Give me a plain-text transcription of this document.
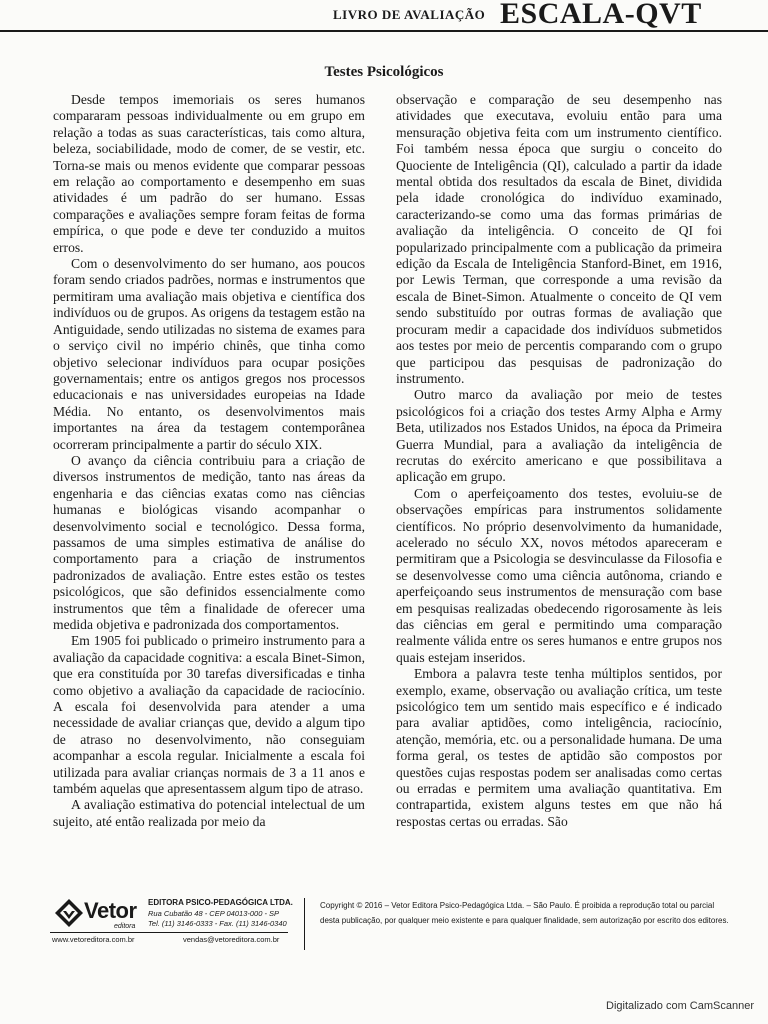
LIVRO DE AVALIAÇÃO ESCALA-QVT
Testes Psicológicos

Desde tempos imemoriais os seres humanos compararam pessoas individualmente ou em grupo em relação a todas as suas características, tais como altura, beleza, sociabilidade, modo de comer, de se vestir, etc. Torna-se mais ou menos evidente que comparar pessoas em relação ao comportamento e desempenho em suas atividades é um padrão do ser humano. Essas comparações e avaliações sempre foram feitas de forma empírica, o que pode e deve ter conduzido a muitos erros.

Com o desenvolvimento do ser humano, aos poucos foram sendo criados padrões, normas e instrumentos que permitiram uma avaliação mais objetiva e científica dos indivíduos ou de grupos. As origens da testagem estão na Antiguidade, sendo utilizadas no sistema de exames para o serviço civil no império chinês, que tinha como objetivo selecionar indivíduos para ocupar posições governamentais; entre os antigos gregos nos processos educacionais e nas universidades europeias na Idade Média. No entanto, os desenvolvimentos mais importantes na área da testagem contemporânea ocorreram principalmente a partir do século XIX.

O avanço da ciência contribuiu para a criação de diversos instrumentos de medição, tanto nas áreas da engenharia e das ciências exatas como nas ciências humanas e biológicas visando acompanhar o desenvolvimento social e tecnológico. Dessa forma, passamos de uma simples estimativa de análise do comportamento para a criação de instrumentos padronizados de avaliação. Entre estes estão os testes psicológicos, que são definidos essencialmente como instrumentos que têm a finalidade de oferecer uma medida objetiva e padronizada dos comportamentos.

Em 1905 foi publicado o primeiro instrumento para a avaliação da capacidade cognitiva: a escala Binet-Simon, que era constituída por 30 tarefas diversificadas e tinha como objetivo a avaliação da capacidade de raciocínio. A escala foi desenvolvida para atender a uma necessidade de avaliar crianças que, devido a algum tipo de atraso no desenvolvimento, não conseguiam acompanhar a escola regular. Inicialmente a escala foi utilizada para avaliar crianças normais de 3 a 11 anos e também aquelas que apresentassem algum tipo de atraso.

A avaliação estimativa do potencial intelectual de um sujeito, até então realizada por meio da

observação e comparação de seu desempenho nas atividades que executava, evoluiu então para uma mensuração objetiva feita com um instrumento científico. Foi também nessa época que surgiu o conceito do Quociente de Inteligência (QI), calculado a partir da idade mental obtida dos resultados da escala de Binet, dividida pela idade cronológica do indivíduo examinado, caracterizando-se como uma das formas primárias de avaliação da inteligência. O conceito de QI foi popularizado principalmente com a publicação da primeira edição da Escala de Inteligência Stanford-Binet, em 1916, por Lewis Terman, que corresponde a uma revisão da escala de Binet-Simon. Atualmente o conceito de QI vem sendo substituído por outras formas de avaliação que procuram medir a capacidade dos indivíduos submetidos aos testes por meio de percentis comparando com o grupo que participou das pesquisas de padronização do instrumento.

Outro marco da avaliação por meio de testes psicológicos foi a criação dos testes Army Alpha e Army Beta, utilizados nos Estados Unidos, na época da Primeira Guerra Mundial, para a avaliação da inteligência de recrutas do exército americano e que possibilitava a aplicação em grupo.

Com o aperfeiçoamento dos testes, evoluiu-se de observações empíricas para instrumentos solidamente científicos. No próprio desenvolvimento da humanidade, acelerado no século XX, novos métodos apareceram e permitiram que a Psicologia se desvinculasse da Filosofia e se desenvolvesse como uma ciência autônoma, criando e aperfeiçoando seus instrumentos de mensuração com base em pesquisas realizadas obedecendo rigorosamente às leis das ciências em geral e permitindo uma comparação realmente válida entre os seres humanos e entre grupos nos quais estejam inseridos.

Embora a palavra teste tenha múltiplos sentidos, por exemplo, exame, observação ou avaliação crítica, um teste psicológico tem um sentido mais específico e é indicado para avaliar aptidões, como inteligência, raciocínio, atenção, memória, etc. ou a personalidade humana. De uma forma geral, os testes de aptidão são compostos por questões cujas respostas podem ser analisadas como certas ou erradas e permitem uma avaliação quantitativa. Em contrapartida, existem alguns testes em que não há respostas certas ou erradas. São

Vetor
editora
EDITORA PSICO-PEDAGÓGICA LTDA.
Rua Cubatão 48 - CEP 04013-000 - SP
Tel. (11) 3146-0333 - Fax. (11) 3146-0340
www.vetoreditora.com.br	vendas@vetoreditora.com.br
Copyright © 2016 – Vetor Editora Psico-Pedagógica Ltda. – São Paulo. É proibida a reprodução total ou parcial desta publicação, por qualquer meio existente e para qualquer finalidade, sem autorização por escrito dos editores.
Digitalizado com CamScanner
